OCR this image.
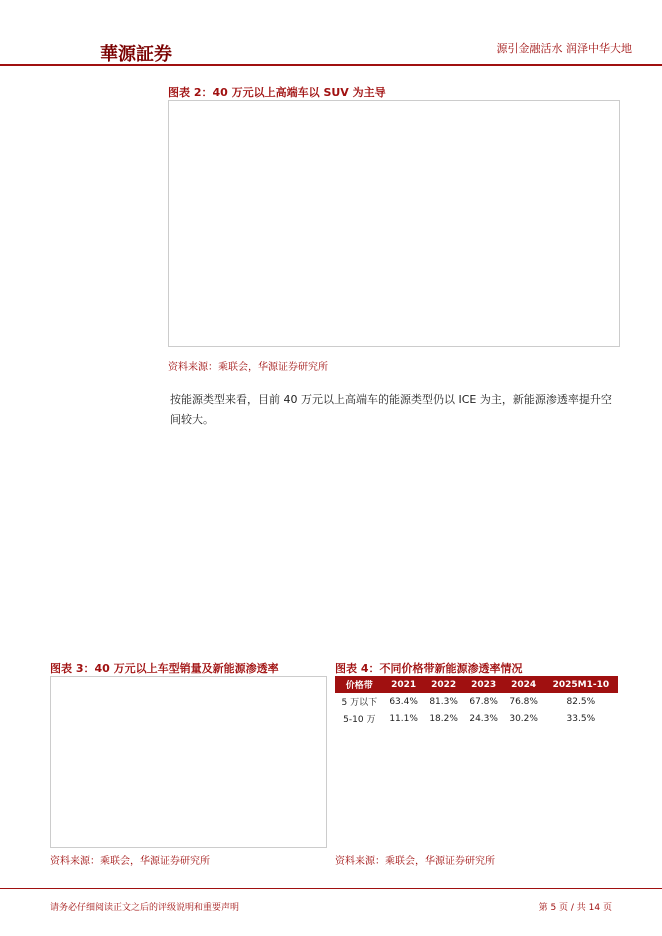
華源証券	源引金融活水 润泽中华大地
图表 2：40 万元以上高端车以 SUV 为主导
资料来源：乘联会，华源证券研究所
按能源类型来看，目前 40 万元以上高端车的能源类型仍以 ICE 为主，新能源渗透率提升空间较大。
图表 3：40 万元以上车型销量及新能源渗透率
资料来源：乘联会，华源证券研究所
图表 4：不同价格带新能源渗透率情况
价格带	2021	2022	2023	2024	2025M1-10
5 万以下	63.4%	81.3%	67.8%	76.8%	82.5%
5-10 万	11.1%	18.2%	24.3%	30.2%	33.5%
资料来源：乘联会，华源证券研究所
请务必仔细阅读正文之后的评级说明和重要声明	第 5 页 / 共 14 页
